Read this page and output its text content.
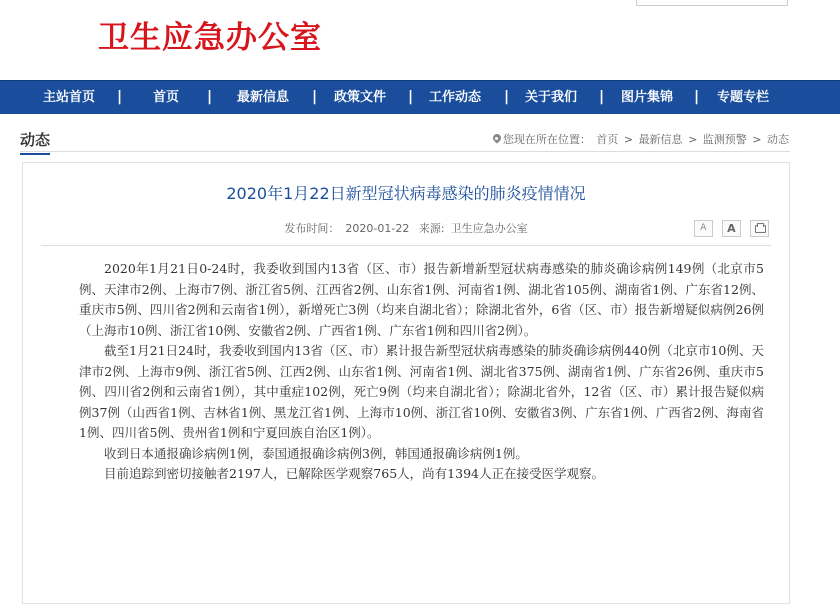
卫生应急办公室
主站首页	|	首页	|	最新信息	|	政策文件	|	工作动态	|	关于我们	|	图片集锦	|	专题专栏
动态	您现在所在位置： 首页 > 最新信息 > 监测预警 > 动态
2020年1月22日新型冠状病毒感染的肺炎疫情情况
发布时间： 2020-01-22 来源: 卫生应急办公室	A A

2020年1月21日0-24时，我委收到国内13省（区、市）报告新增新型冠状病毒感染的肺炎确诊病例149例（北京市5例、天津市2例、上海市7例、浙江省5例、江西省2例、山东省1例、河南省1例、湖北省105例、湖南省1例、广东省12例、重庆市5例、四川省2例和云南省1例），新增死亡3例（均来自湖北省）；除湖北省外，6省（区、市）报告新增疑似病例26例（上海市10例、浙江省10例、安徽省2例、广西省1例、广东省1例和四川省2例）。

截至1月21日24时，我委收到国内13省（区、市）累计报告新型冠状病毒感染的肺炎确诊病例440例（北京市10例、天津市2例、上海市9例、浙江省5例、江西2例、山东省1例、河南省1例、湖北省375例、湖南省1例、广东省26例、重庆市5例、四川省2例和云南省1例），其中重症102例，死亡9例（均来自湖北省）；除湖北省外，12省（区、市）累计报告疑似病例37例（山西省1例、吉林省1例、黑龙江省1例、上海市10例、浙江省10例、安徽省3例、广东省1例、广西省2例、海南省1例、四川省5例、贵州省1例和宁夏回族自治区1例）。

收到日本通报确诊病例1例，泰国通报确诊病例3例，韩国通报确诊病例1例。

目前追踪到密切接触者2197人，已解除医学观察765人，尚有1394人正在接受医学观察。
